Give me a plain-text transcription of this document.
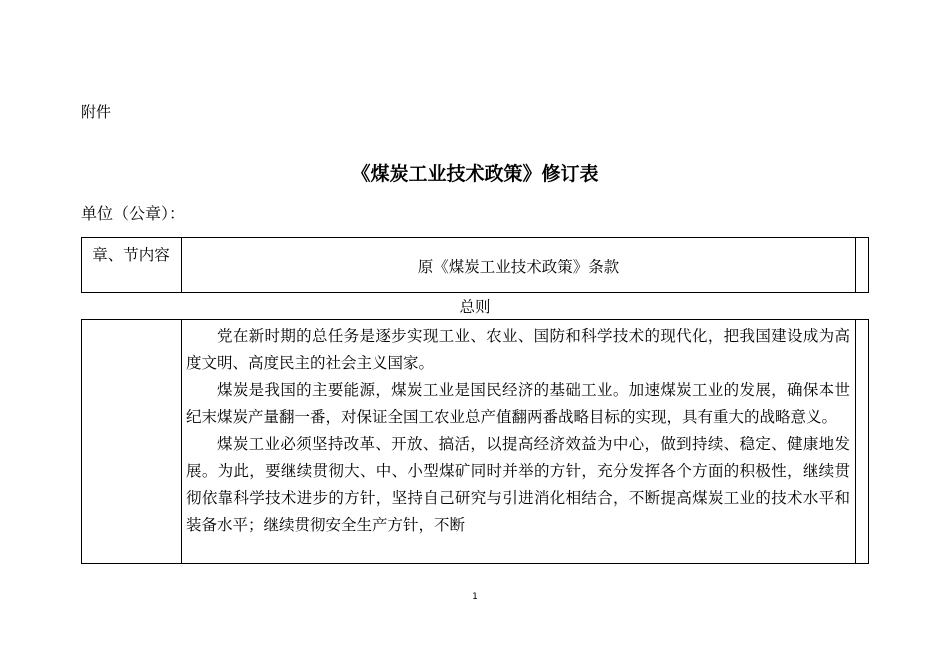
附件
《煤炭工业技术政策》修订表
单位（公章）：
章、节内容
原《煤炭工业技术政策》条款
总则

党在新时期的总任务是逐步实现工业、农业、国防和科学技术的现代化，把我国建设成为高度文明、高度民主的社会主义国家。

煤炭是我国的主要能源，煤炭工业是国民经济的基础工业。加速煤炭工业的发展，确保本世纪末煤炭产量翻一番，对保证全国工农业总产值翻两番战略目标的实现，具有重大的战略意义。

煤炭工业必须坚持改革、开放、搞活，以提高经济效益为中心，做到持续、稳定、健康地发展。为此，要继续贯彻大、中、小型煤矿同时并举的方针，充分发挥各个方面的积极性，继续贯彻依靠科学技术进步的方针，坚持自己研究与引进消化相结合，不断提高煤炭工业的技术水平和装备水平；继续贯彻安全生产方针，不断

1
